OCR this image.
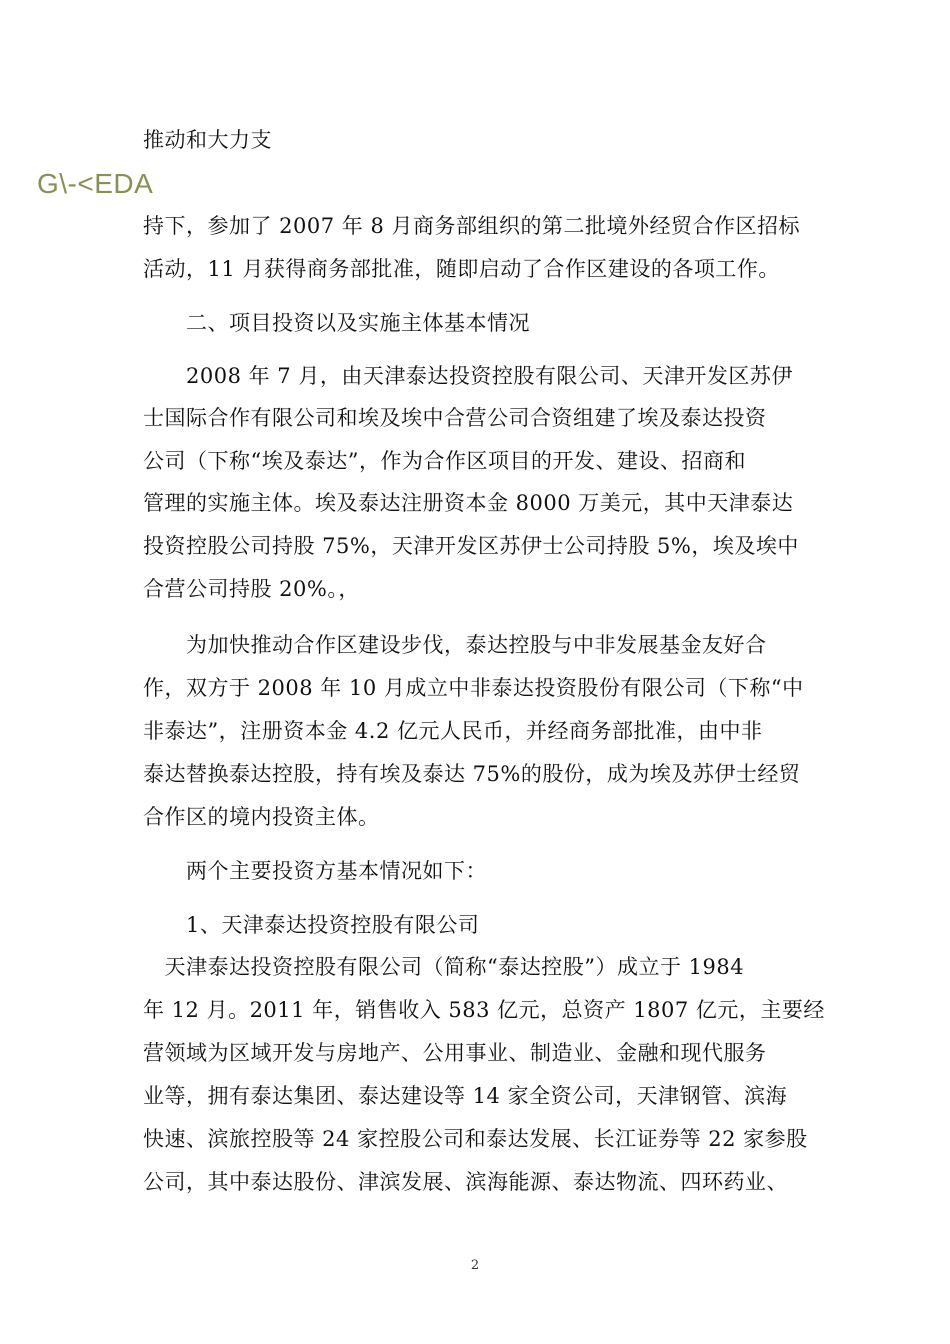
G\-<EDA
推动和大力支
持下，参加了 2007 年 8 月商务部组织的第二批境外经贸合作区招标
活动，11 月获得商务部批准，随即启动了合作区建设的各项工作。
　　二、项目投资以及实施主体基本情况
　　2008 年 7 月，由天津泰达投资控股有限公司、天津开发区苏伊
士国际合作有限公司和埃及埃中合营公司合资组建了埃及泰达投资
公司（下称“埃及泰达”，作为合作区项目的开发、建设、招商和
管理的实施主体。埃及泰达注册资本金 8000 万美元，其中天津泰达
投资控股公司持股 75%，天津开发区苏伊士公司持股 5%，埃及埃中
合营公司持股 20%。，
　　为加快推动合作区建设步伐，泰达控股与中非发展基金友好合
作，双方于 2008 年 10 月成立中非泰达投资股份有限公司（下称“中
非泰达”，注册资本金 4.2 亿元人民币，并经商务部批准，由中非
泰达替换泰达控股，持有埃及泰达 75%的股份，成为埃及苏伊士经贸
合作区的境内投资主体。
　　两个主要投资方基本情况如下：
　　1、天津泰达投资控股有限公司
　天津泰达投资控股有限公司（简称“泰达控股”）成立于 1984
年 12 月。2011 年，销售收入 583 亿元，总资产 1807 亿元，主要经
营领域为区域开发与房地产、公用事业、制造业、金融和现代服务
业等，拥有泰达集团、泰达建设等 14 家全资公司，天津钢管、滨海
快速、滨旅控股等 24 家控股公司和泰达发展、长江证券等 22 家参股
公司，其中泰达股份、津滨发展、滨海能源、泰达物流、四环药业、
2
